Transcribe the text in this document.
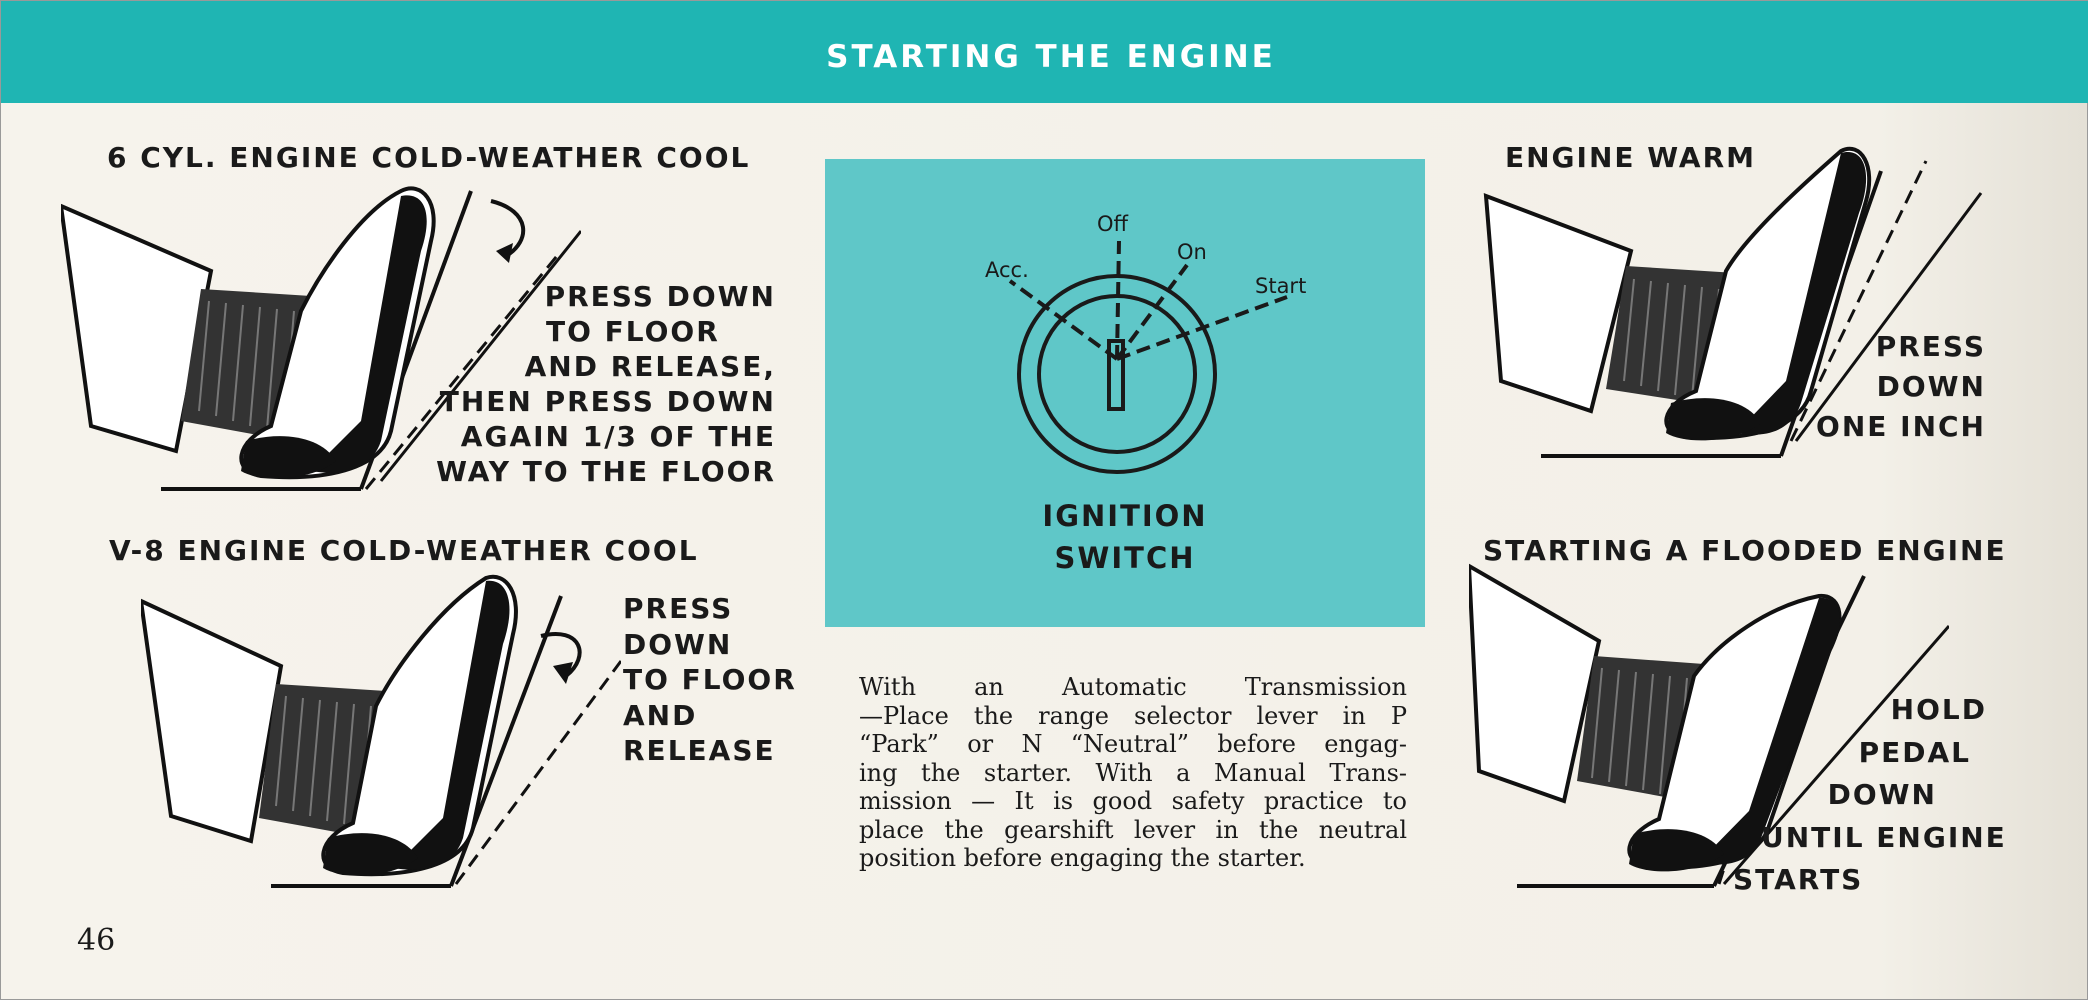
STARTING THE ENGINE
6 CYL. ENGINE COLD-WEATHER COOL
PRESS DOWN
TO FLOOR
AND RELEASE,
THEN PRESS DOWN
AGAIN 1/3 OF THE
WAY TO THE FLOOR
V-8 ENGINE COLD-WEATHER COOL
PRESS
DOWN
TO FLOOR
AND
RELEASE
Acc.
Off
On
Start
IGNITION
SWITCH
With an Automatic Transmission
—Place the range selector lever in P
“Park” or N “Neutral” before engag-
ing the starter. With a Manual Trans-
mission — It is good safety practice to
place the gearshift lever in the neutral
position before engaging the starter.
ENGINE WARM
PRESS
DOWN
ONE INCH
STARTING A FLOODED ENGINE
HOLD
PEDAL
DOWN
UNTIL ENGINE
STARTS
46
